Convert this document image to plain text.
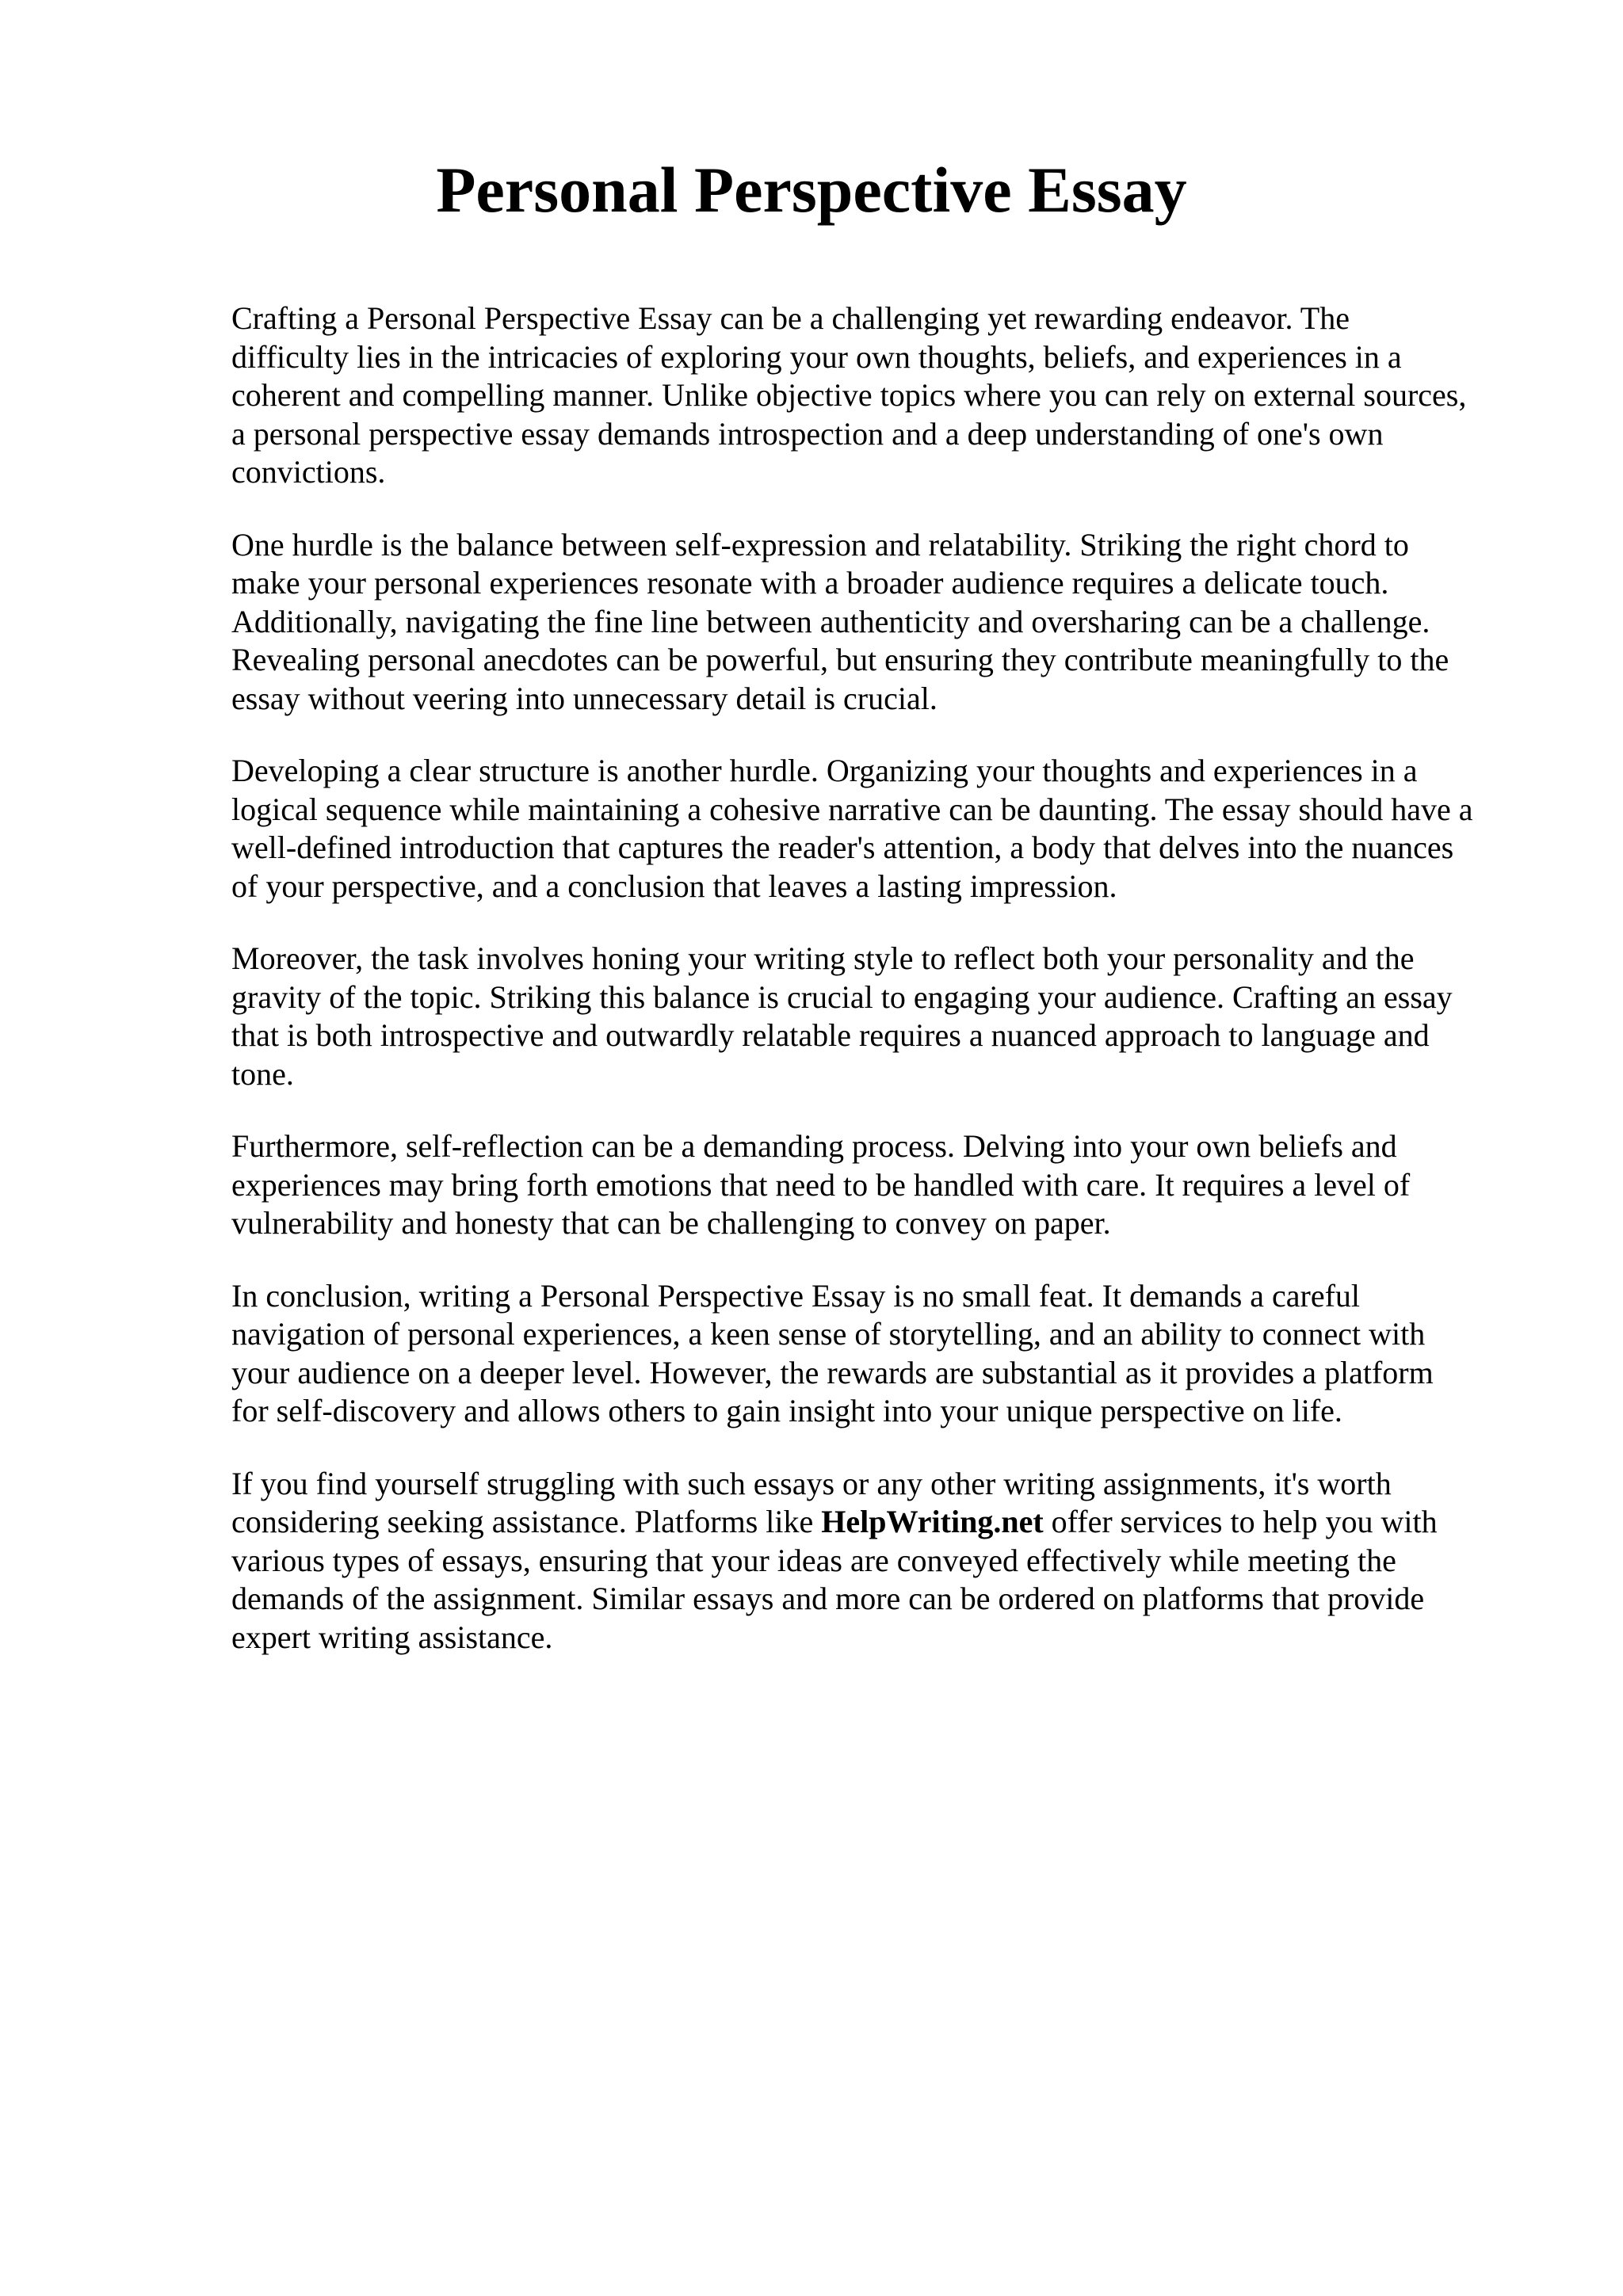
Personal Perspective Essay

Crafting a Personal Perspective Essay can be a challenging yet rewarding endeavor. The
difficulty lies in the intricacies of exploring your own thoughts, beliefs, and experiences in a
coherent and compelling manner. Unlike objective topics where you can rely on external sources,
a personal perspective essay demands introspection and a deep understanding of one's own
convictions.

One hurdle is the balance between self-expression and relatability. Striking the right chord to
make your personal experiences resonate with a broader audience requires a delicate touch.
Additionally, navigating the fine line between authenticity and oversharing can be a challenge.
Revealing personal anecdotes can be powerful, but ensuring they contribute meaningfully to the
essay without veering into unnecessary detail is crucial.

Developing a clear structure is another hurdle. Organizing your thoughts and experiences in a
logical sequence while maintaining a cohesive narrative can be daunting. The essay should have a
well-defined introduction that captures the reader's attention, a body that delves into the nuances
of your perspective, and a conclusion that leaves a lasting impression.

Moreover, the task involves honing your writing style to reflect both your personality and the
gravity of the topic. Striking this balance is crucial to engaging your audience. Crafting an essay
that is both introspective and outwardly relatable requires a nuanced approach to language and
tone.

Furthermore, self-reflection can be a demanding process. Delving into your own beliefs and
experiences may bring forth emotions that need to be handled with care. It requires a level of
vulnerability and honesty that can be challenging to convey on paper.

In conclusion, writing a Personal Perspective Essay is no small feat. It demands a careful
navigation of personal experiences, a keen sense of storytelling, and an ability to connect with
your audience on a deeper level. However, the rewards are substantial as it provides a platform
for self-discovery and allows others to gain insight into your unique perspective on life.

If you find yourself struggling with such essays or any other writing assignments, it's worth
considering seeking assistance. Platforms like HelpWriting.net offer services to help you with
various types of essays, ensuring that your ideas are conveyed effectively while meeting the
demands of the assignment. Similar essays and more can be ordered on platforms that provide
expert writing assistance.
